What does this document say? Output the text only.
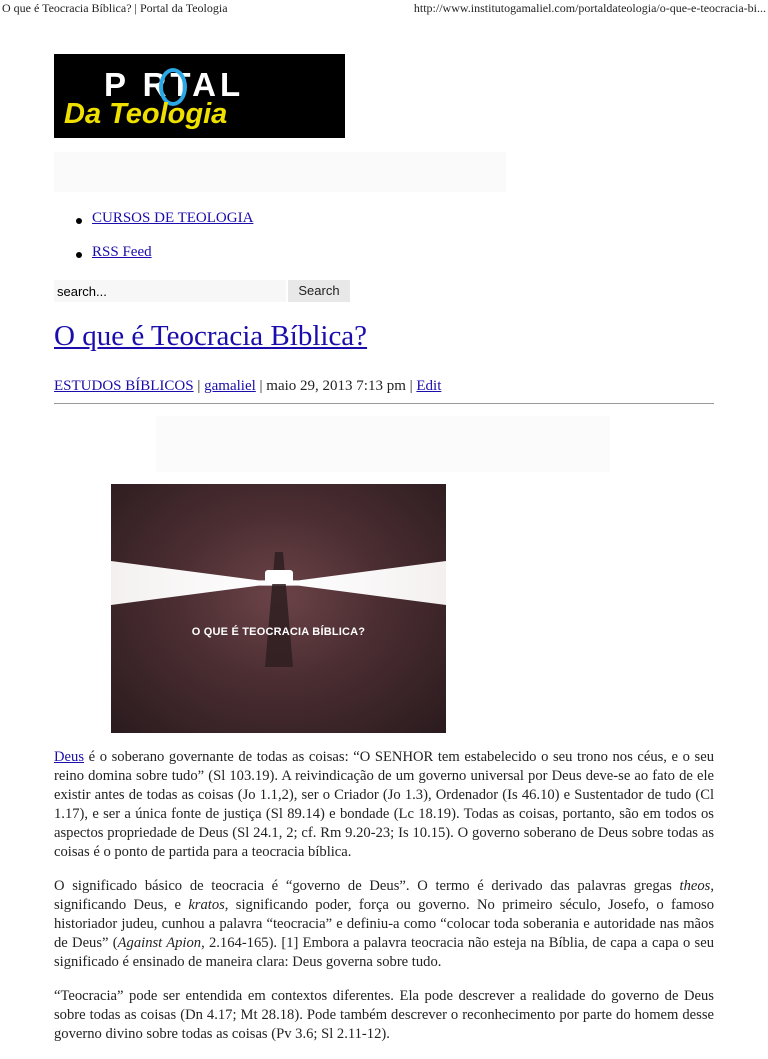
O que é Teocracia Bíblica? | Portal da Teologia	http://www.institutogamaliel.com/portaldateologia/o-que-e-teocracia-bi...
P RTAL
Da Teologia
CURSOS DE TEOLOGIA
RSS Feed
search...
Search
O que é Teocracia Bíblica?
ESTUDOS BÍBLICOS | gamaliel | maio 29, 2013 7:13 pm | Edit
O QUE É TEOCRACIA BÍBLICA?

Deus é o soberano governante de todas as coisas: “O SENHOR tem estabelecido o seu trono nos céus, e o seu reino domina sobre tudo” (Sl 103.19). A reivindicação de um governo universal por Deus deve-se ao fato de ele existir antes de todas as coisas (Jo 1.1,2), ser o Criador (Jo 1.3), Ordenador (Is 46.10) e Sustentador de tudo (Cl 1.17), e ser a única fonte de justiça (Sl 89.14) e bondade (Lc 18.19). Todas as coisas, portanto, são em todos os aspectos propriedade de Deus (Sl 24.1, 2; cf. Rm 9.20-23; Is 10.15). O governo soberano de Deus sobre todas as coisas é o ponto de partida para a teocracia bíblica.

O significado básico de teocracia é “governo de Deus”. O termo é derivado das palavras gregas theos, significando Deus, e kratos, significando poder, força ou governo. No primeiro século, Josefo, o famoso historiador judeu, cunhou a palavra “teocracia” e definiu-a como “colocar toda soberania e autoridade nas mãos de Deus” (Against Apion, 2.164-165). [1] Embora a palavra teocracia não esteja na Bíblia, de capa a capa o seu significado é ensinado de maneira clara: Deus governa sobre tudo.

“Teocracia” pode ser entendida em contextos diferentes. Ela pode descrever a realidade do governo de Deus sobre todas as coisas (Dn 4.17; Mt 28.18). Pode também descrever o reconhecimento por parte do homem desse governo divino sobre todas as coisas (Pv 3.6; Sl 2.11-12).
